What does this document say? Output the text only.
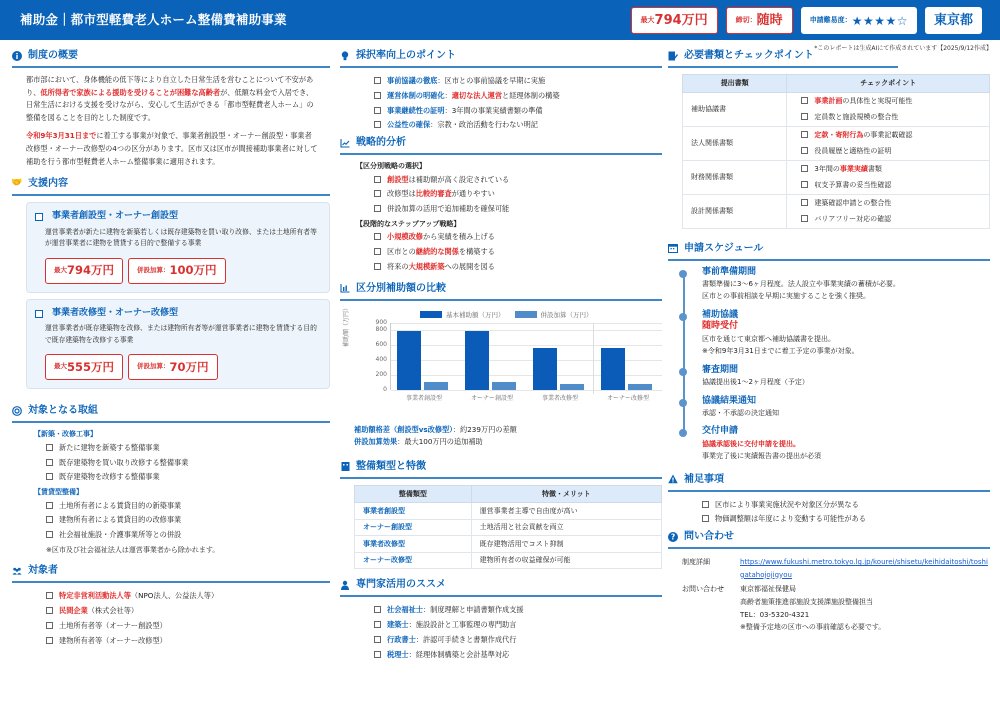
補助金｜都市型軽費老人ホーム整備費補助事業	最大 794万円	締切： 随時	申請難易度： ★★★★☆ 東京都
*このレポートは生成AIにて作成されています【2025/9/12作成】
制度の概要
都市部において、身体機能の低下等により自立した日常生活を営むことについて不安があり、低所得者で家族による援助を受けることが困難な高齢者が、低額な料金で入居でき、日常生活における支援を受けながら、安心して生活ができる「都市型軽費老人ホーム」の整備を図ることを目的とした制度です。
令和9年3月31日までに着工する事業が対象で、事業者創設型・オーナー創設型・事業者改修型・オーナー改修型の4つの区分があります。区市又は区市が間接補助事業者に対して補助を行う都市型軽費老人ホーム整備事業に適用されます。
🤝 支援内容
事業者創設型・オーナー創設型
運営事業者が新たに建物を新築若しくは既存建築物を買い取り改修、または土地所有者等が運営事業者に建物を賃貸する目的で整備する事業
最大 794万円	併設加算： 100万円
事業者改修型・オーナー改修型
運営事業者が既存建築物を改修、または建物所有者等が運営事業者に建物を賃貸する目的で既存建築物を改修する事業
最大 555万円	併設加算： 70万円
対象となる取組
【新築・改修工事】
新たに建物を新築する整備事業
既存建築物を買い取り改修する整備事業
既存建築物を改修する整備事業
【賃貸型整備】
土地所有者による賃貸目的の新築事業
建物所有者による賃貸目的の改修事業
社会福祉施設・介護事業所等との併設
※区市及び社会福祉法人は運営事業者から除かれます。
対象者
特定非営利活動法人等（NPO法人、公益法人等）
民間企業（株式会社等）
土地所有者等（オーナー創設型）
建物所有者等（オーナー改修型）
採択率向上のポイント
事前協議の徹底：区市との事前協議を早期に実施
運営体制の明確化：適切な法人運営と経理体制の構築
事業継続性の証明：3年間の事業実績書類の準備
公益性の確保：宗教・政治活動を行わない明記
戦略的分析
【区分別戦略の選択】
創設型は補助額が高く設定されている
改修型は比較的審査が通りやすい
併設加算の活用で追加補助を確保可能
【段階的なステップアップ戦略】
小規模改修から実績を積み上げる
区市との継続的な関係を構築する
将来の大規模新築への展開を図る
区分別補助額の比較
基本補助額（万円）	併設加算（万円）
補助額（万円）	900
800
600
400
200
0
事業者創設型	オーナー創設型	事業者改修型	オーナー改修型
補助額格差（創設型vs改修型）：約239万円の差額
併設加算効果：最大100万円の追加補助
整備類型と特徴
整備類型	特徴・メリット
事業者創設型	運営事業者主導で自由度が高い
オーナー創設型	土地活用と社会貢献を両立
事業者改修型	既存建物活用でコスト抑制
オーナー改修型	建物所有者の収益確保が可能
専門家活用のススメ
社会福祉士：制度理解と申請書類作成支援
建築士：施設設計と工事監理の専門助言
行政書士：許認可手続きと書類作成代行
税理士：経理体制構築と会計基準対応
必要書類とチェックポイント
提出書類	チェックポイント
補助協議書	事業計画の具体性と実現可能性
	定員数と施設規模の整合性
法人関係書類	定款・寄附行為の事業記載確認
	役員履歴と適格性の証明
財務関係書類	3年間の事業実績書類
	収支予算書の妥当性確認
設計関係書類	建築確認申請との整合性
	バリアフリー対応の確認
申請スケジュール
事前準備期間
書類準備に3〜6ヶ月程度。法人設立や事業実績の蓄積が必要。
区市との事前相談を早期に実施することを強く推奨。
補助協議
随時受付
区市を通じて東京都へ補助協議書を提出。
※令和9年3月31日までに着工予定の事業が対象。
審査期間
協議提出後1〜2ヶ月程度（予定）
協議結果通知
承認・不承認の決定通知
交付申請
協議承認後に交付申請を提出。
事業完了後に実績報告書の提出が必須
補足事項
区市により事業実施状況や対象区分が異なる
物価調整額は年度により変動する可能性がある
? 問い合わせ
制度詳細	https://www.fukushi.metro.tokyo.lg.jp/kourei/shisetu/keihidaitoshi/toshigatahojojigyou
お問い合わせ	東京都福祉保健局
高齢者施策推進部施設支援課施設整備担当
TEL：03-5320-4321
※整備予定地の区市への事前確認も必要です。
